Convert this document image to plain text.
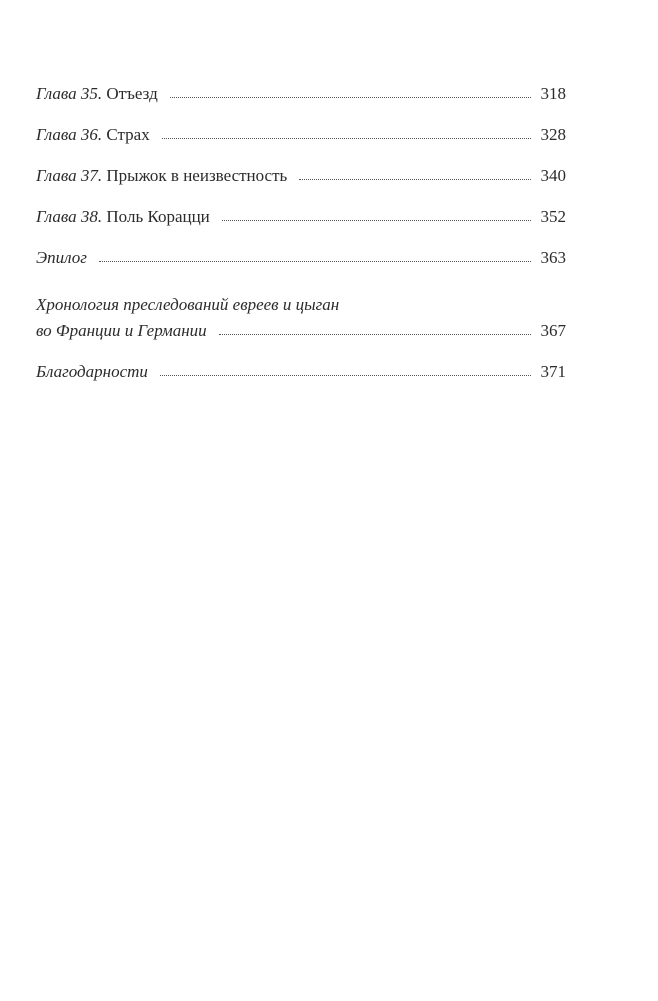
Глава 35. Отъезд	318
Глава 36. Страх	328
Глава 37. Прыжок в неизвестность	340
Глава 38. Поль Корацци	352
Эпилог	363
Хронология преследований евреев и цыган
во Франции и Германии	367
Благодарности	371
